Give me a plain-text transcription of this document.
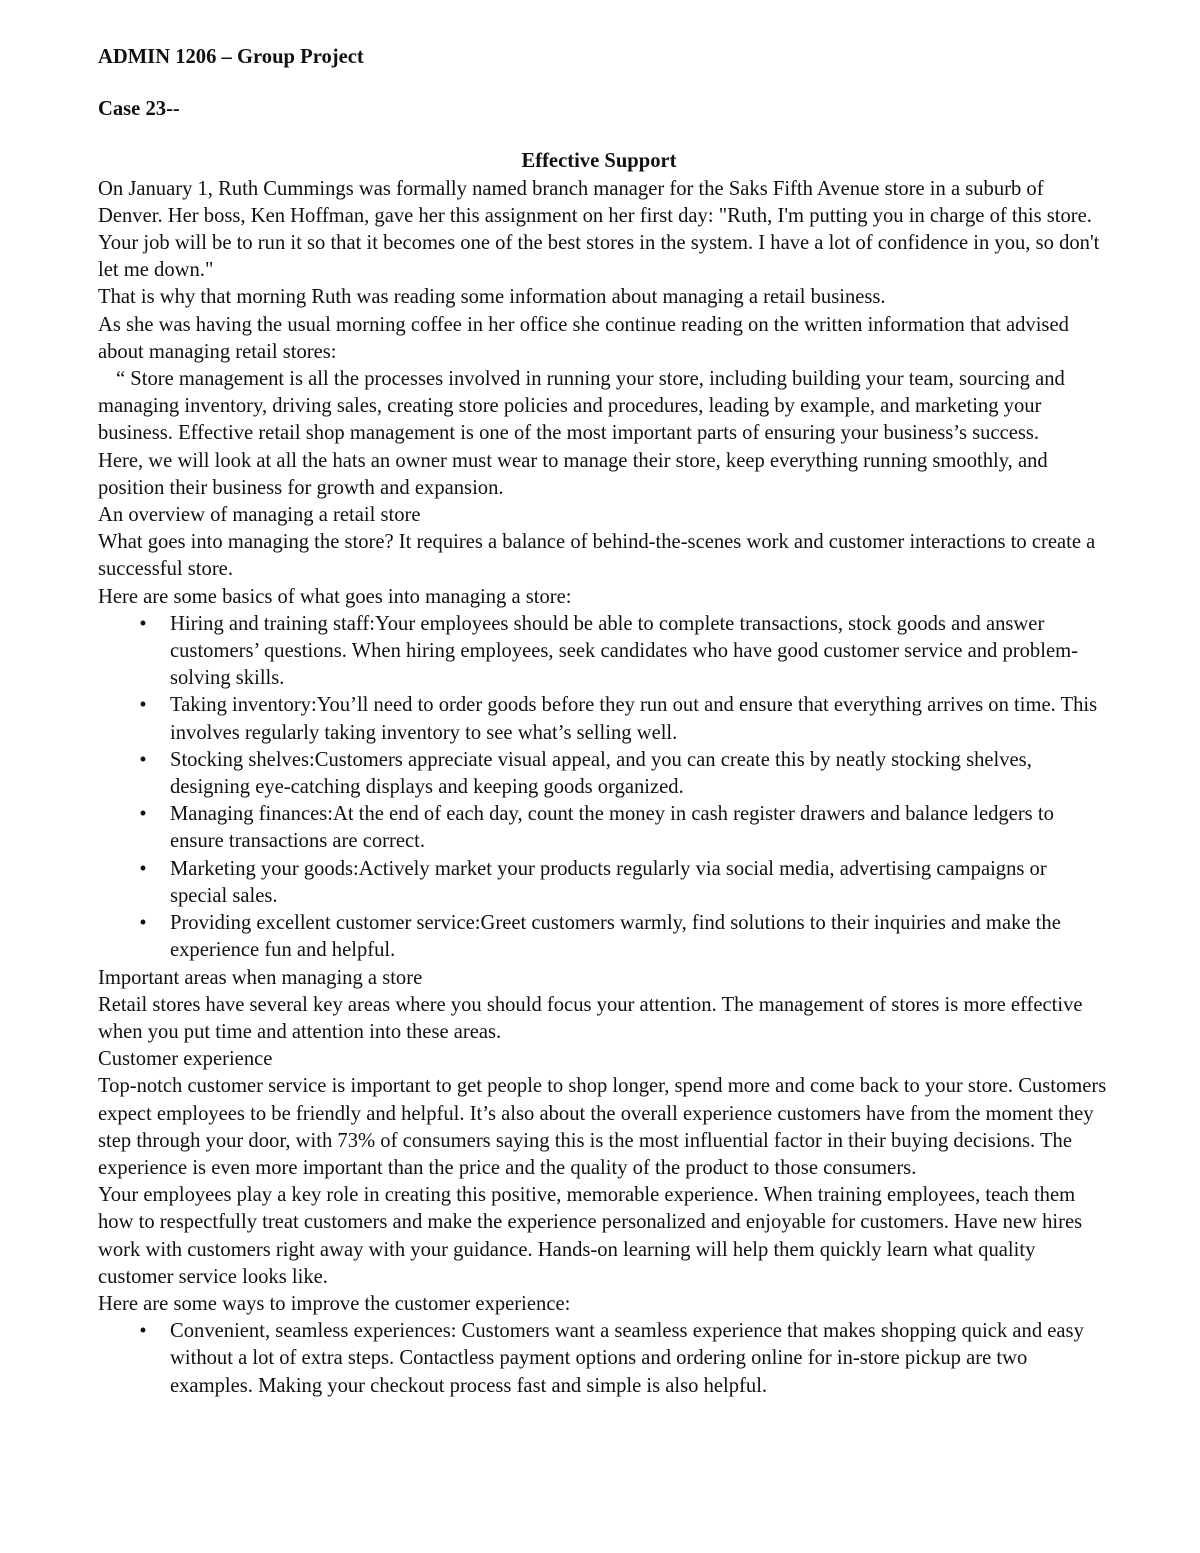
ADMIN 1206 – Group Project

Case 23--

Effective Support

On January 1, Ruth Cummings was formally named branch manager for the Saks Fifth Avenue store in a suburb of Denver. Her boss, Ken Hoffman, gave her this assignment on her first day: "Ruth, I'm putting you in charge of this store. Your job will be to run it so that it becomes one of the best stores in the system. I have a lot of confidence in you, so don't let me down."

That is why that morning Ruth was reading some information about managing a retail business.

As she was having the usual morning coffee in her office she continue reading on the written information that advised about managing retail stores:

“ Store management is all the processes involved in running your store, including building your team, sourcing and managing inventory, driving sales, creating store policies and procedures, leading by example, and marketing your business. Effective retail shop management is one of the most important parts of ensuring your business’s success.

Here, we will look at all the hats an owner must wear to manage their store, keep everything running smoothly, and position their business for growth and expansion.

An overview of managing a retail store

What goes into managing the store? It requires a balance of behind-the-scenes work and customer interactions to create a successful store.

Here are some basics of what goes into managing a store:

• Hiring and training staff:Your employees should be able to complete transactions, stock goods and answer customers’ questions. When hiring employees, seek candidates who have good customer service and problem-solving skills.
• Taking inventory:You’ll need to order goods before they run out and ensure that everything arrives on time. This involves regularly taking inventory to see what’s selling well.
• Stocking shelves:Customers appreciate visual appeal, and you can create this by neatly stocking shelves, designing eye-catching displays and keeping goods organized.
• Managing finances:At the end of each day, count the money in cash register drawers and balance ledgers to ensure transactions are correct.
• Marketing your goods:Actively market your products regularly via social media, advertising campaigns or special sales.
• Providing excellent customer service:Greet customers warmly, find solutions to their inquiries and make the experience fun and helpful.

Important areas when managing a store

Retail stores have several key areas where you should focus your attention. The management of stores is more effective when you put time and attention into these areas.

Customer experience

Top-notch customer service is important to get people to shop longer, spend more and come back to your store. Customers expect employees to be friendly and helpful. It’s also about the overall experience customers have from the moment they step through your door, with 73% of consumers saying this is the most influential factor in their buying decisions. The experience is even more important than the price and the quality of the product to those consumers.

Your employees play a key role in creating this positive, memorable experience. When training employees, teach them how to respectfully treat customers and make the experience personalized and enjoyable for customers. Have new hires work with customers right away with your guidance. Hands-on learning will help them quickly learn what quality customer service looks like.

Here are some ways to improve the customer experience:

• Convenient, seamless experiences: Customers want a seamless experience that makes shopping quick and easy without a lot of extra steps. Contactless payment options and ordering online for in-store pickup are two examples. Making your checkout process fast and simple is also helpful.
